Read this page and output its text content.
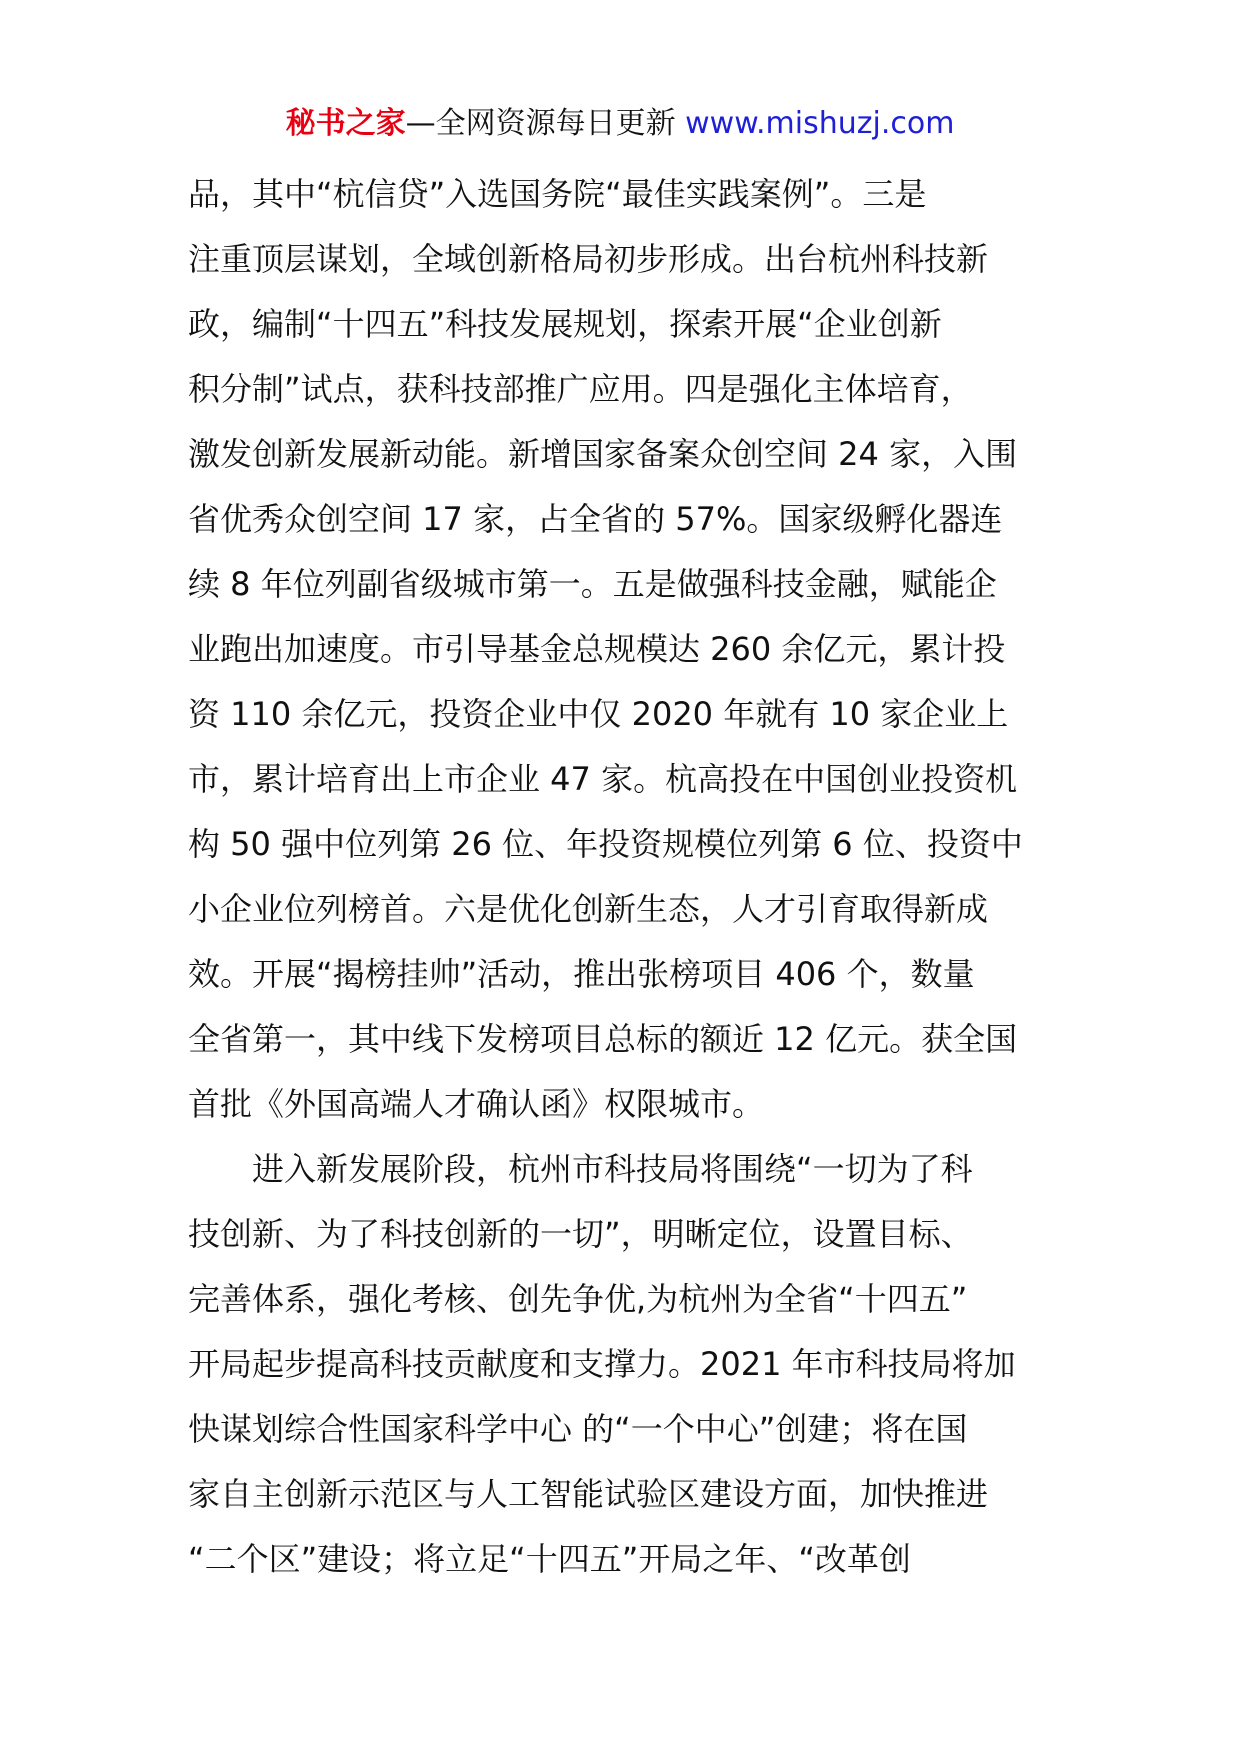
秘书之家—全网资源每日更新 www.mishuzj.com
品，其中“杭信贷”入选国务院“最佳实践案例”。三是
注重顶层谋划，全域创新格局初步形成。出台杭州科技新
政，编制“十四五”科技发展规划，探索开展“企业创新
积分制”试点，获科技部推广应用。四是强化主体培育，
激发创新发展新动能。新增国家备案众创空间 24 家，入围
省优秀众创空间 17 家，占全省的 57%。国家级孵化器连
续 8 年位列副省级城市第一。五是做强科技金融，赋能企
业跑出加速度。市引导基金总规模达 260 余亿元，累计投
资 110 余亿元，投资企业中仅 2020 年就有 10 家企业上
市，累计培育出上市企业 47 家。杭高投在中国创业投资机
构 50 强中位列第 26 位、年投资规模位列第 6 位、投资中
小企业位列榜首。六是优化创新生态，人才引育取得新成
效。开展“揭榜挂帅”活动，推出张榜项目 406 个，数量
全省第一，其中线下发榜项目总标的额近 12 亿元。获全国
首批《外国高端人才确认函》权限城市。
进入新发展阶段，杭州市科技局将围绕“一切为了科
技创新、为了科技创新的一切”，明晰定位，设置目标、
完善体系，强化考核、创先争优,为杭州为全省“十四五”
开局起步提高科技贡献度和支撑力。2021 年市科技局将加
快谋划综合性国家科学中心 的“一个中心”创建；将在国
家自主创新示范区与人工智能试验区建设方面，加快推进
“二个区”建设；将立足“十四五”开局之年、“改革创
